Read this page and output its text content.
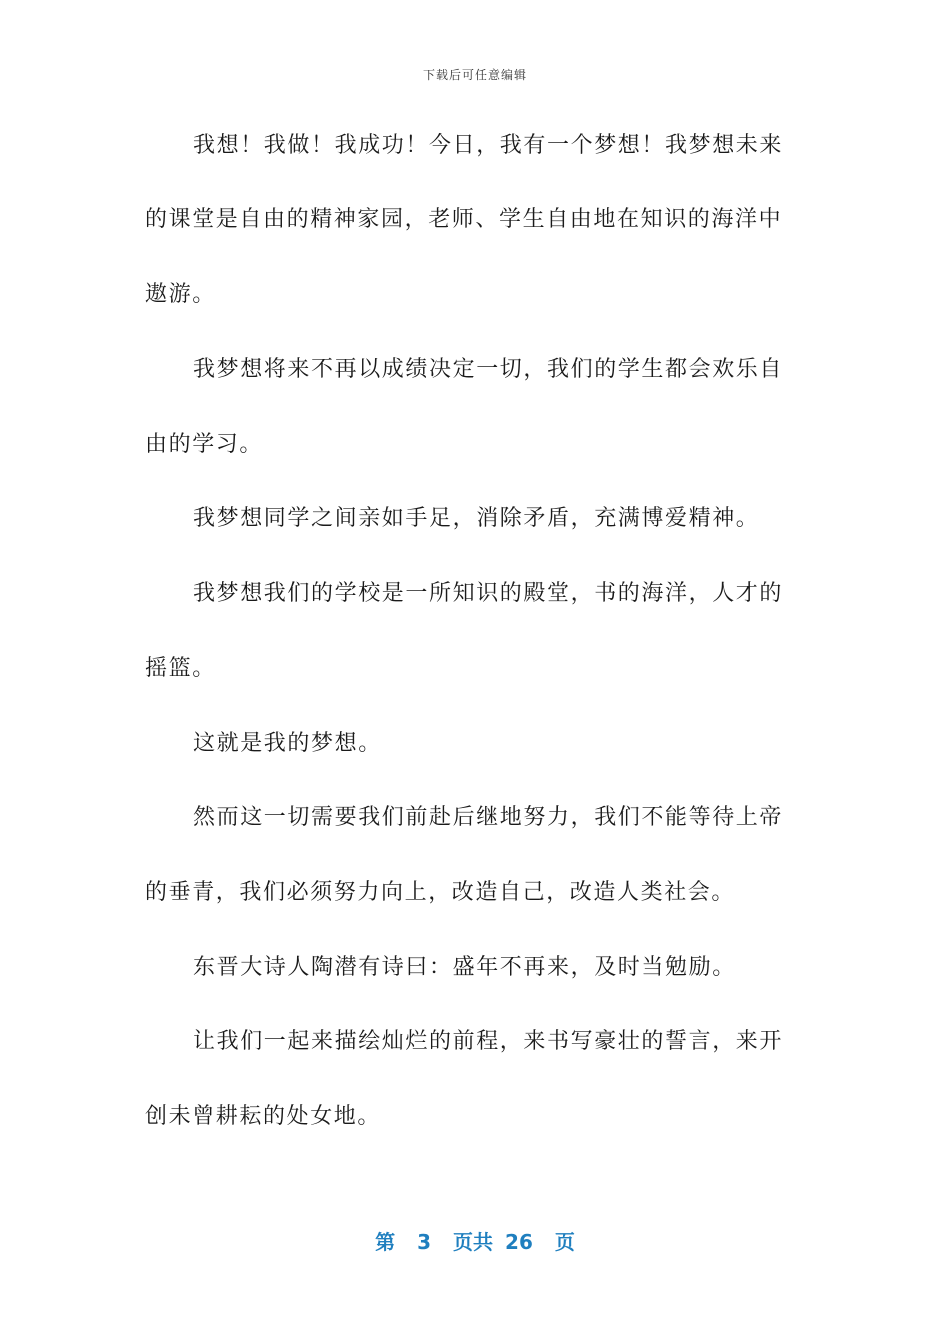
下载后可任意编辑
我想！我做！我成功！今日，我有一个梦想！我梦想未来
的课堂是自由的精神家园，老师、学生自由地在知识的海洋中
遨游。
我梦想将来不再以成绩决定一切，我们的学生都会欢乐自
由的学习。
我梦想同学之间亲如手足，消除矛盾，充满博爱精神。
我梦想我们的学校是一所知识的殿堂，书的海洋，人才的
摇篮。
这就是我的梦想。
然而这一切需要我们前赴后继地努力，我们不能等待上帝
的垂青，我们必须努力向上，改造自己，改造人类社会。
东晋大诗人陶潜有诗曰：盛年不再来，及时当勉励。
让我们一起来描绘灿烂的前程，来书写豪壮的誓言，来开
创未曾耕耘的处女地。
第 3 页共 26 页
